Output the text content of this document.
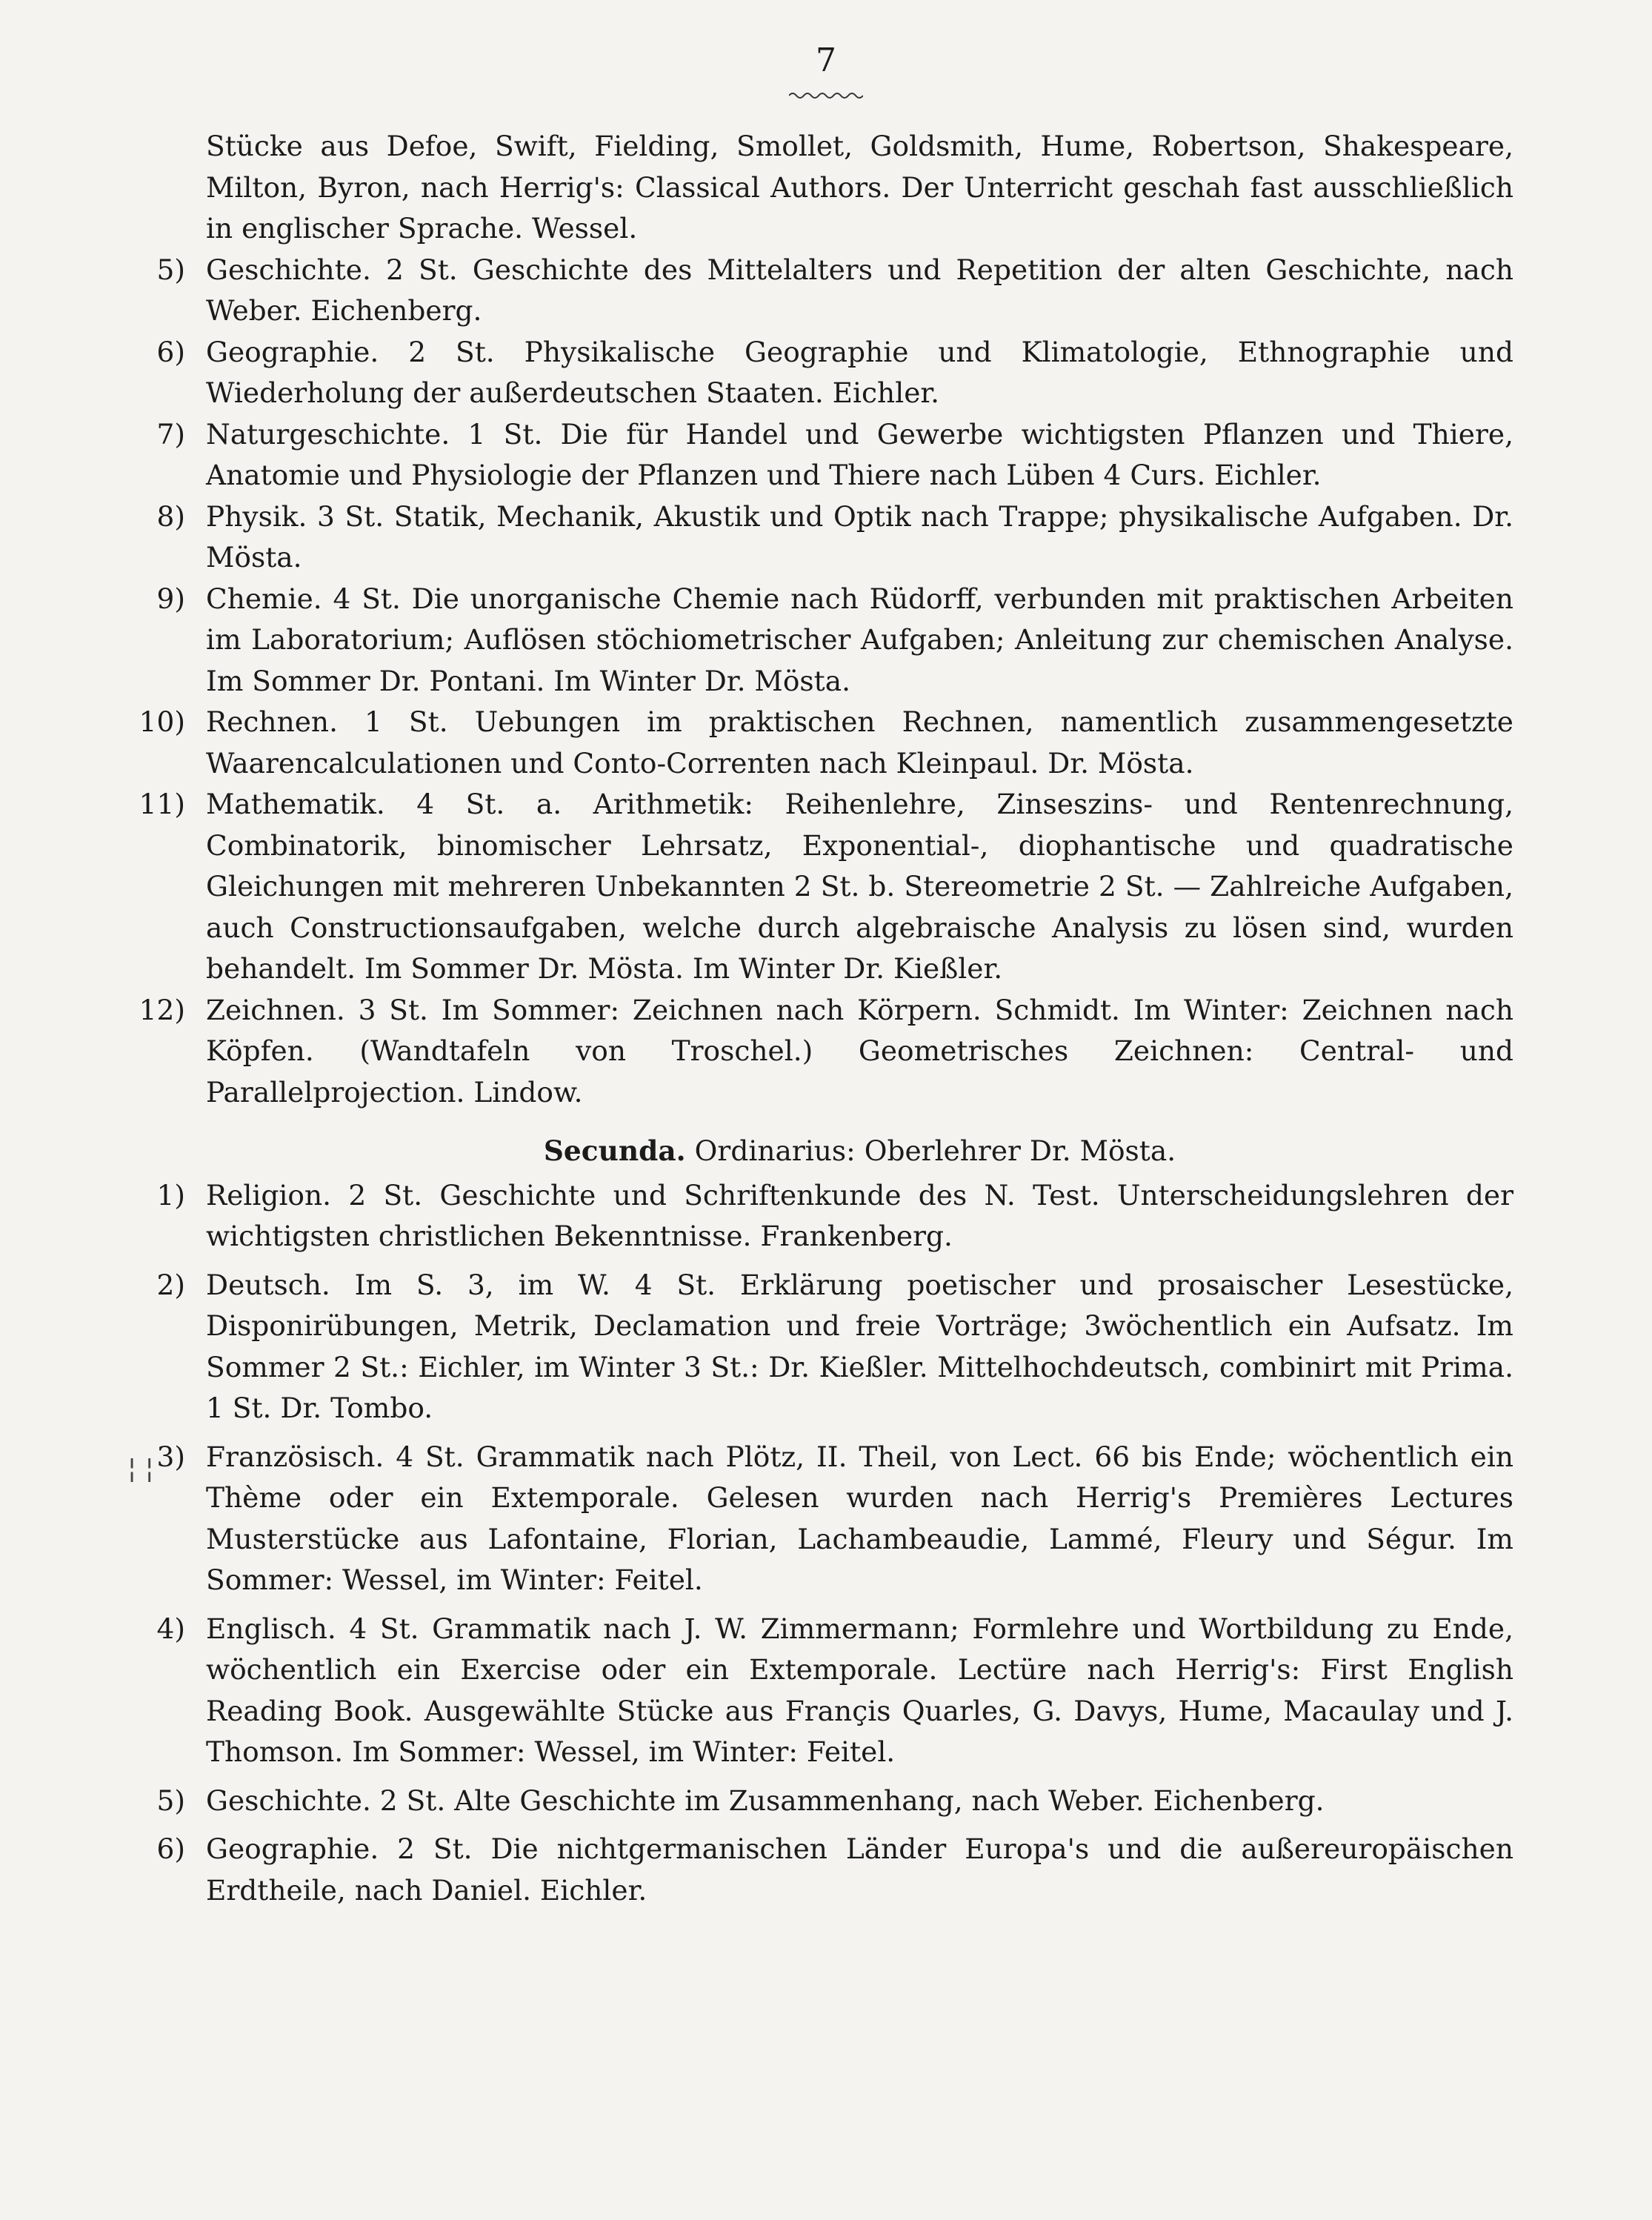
7
¦ ¦

Stücke aus Defoe, Swift, Fielding, Smollet, Goldsmith, Hume, Robertson, Shakespeare, Milton, Byron, nach Herrig's: Classical Authors. Der Unterricht geschah fast ausschließlich in englischer Sprache. Wessel.

5) Geschichte. 2 St. Geschichte des Mittelalters und Repetition der alten Geschichte, nach Weber. Eichenberg.

6) Geographie. 2 St. Physikalische Geographie und Klimatologie, Ethnographie und Wiederholung der außerdeutschen Staaten. Eichler.

7) Naturgeschichte. 1 St. Die für Handel und Gewerbe wichtigsten Pflanzen und Thiere, Anatomie und Physiologie der Pflanzen und Thiere nach Lüben 4 Curs. Eichler.

8) Physik. 3 St. Statik, Mechanik, Akustik und Optik nach Trappe; physikalische Aufgaben. Dr. Mösta.

9) Chemie. 4 St. Die unorganische Chemie nach Rüdorff, verbunden mit praktischen Arbeiten im Laboratorium; Auflösen stöchiometrischer Aufgaben; Anleitung zur chemischen Analyse. Im Sommer Dr. Pontani. Im Winter Dr. Mösta.

10) Rechnen. 1 St. Uebungen im praktischen Rechnen, namentlich zusammengesetzte Waarencalculationen und Conto-Correnten nach Kleinpaul. Dr. Mösta.

11) Mathematik. 4 St. a. Arithmetik: Reihenlehre, Zinseszins- und Rentenrechnung, Combinatorik, binomischer Lehrsatz, Exponential-, diophantische und quadratische Gleichungen mit mehreren Unbekannten 2 St. b. Stereometrie 2 St. — Zahlreiche Aufgaben, auch Constructionsaufgaben, welche durch algebraische Analysis zu lösen sind, wurden behandelt. Im Sommer Dr. Mösta. Im Winter Dr. Kießler.

12) Zeichnen. 3 St. Im Sommer: Zeichnen nach Körpern. Schmidt. Im Winter: Zeichnen nach Köpfen. (Wandtafeln von Troschel.) Geometrisches Zeichnen: Central- und Parallelprojection. Lindow.

Secunda. Ordinarius: Oberlehrer Dr. Mösta.

1) Religion. 2 St. Geschichte und Schriftenkunde des N. Test. Unterscheidungslehren der wichtigsten christlichen Bekenntnisse. Frankenberg.

2) Deutsch. Im S. 3, im W. 4 St. Erklärung poetischer und prosaischer Lesestücke, Disponirübungen, Metrik, Declamation und freie Vorträge; 3wöchentlich ein Aufsatz. Im Sommer 2 St.: Eichler, im Winter 3 St.: Dr. Kießler. Mittelhochdeutsch, combinirt mit Prima. 1 St. Dr. Tombo.

3) Französisch. 4 St. Grammatik nach Plötz, II. Theil, von Lect. 66 bis Ende; wöchentlich ein Thème oder ein Extemporale. Gelesen wurden nach Herrig's Premières Lectures Musterstücke aus Lafontaine, Florian, Lachambeaudie, Lammé, Fleury und Ségur. Im Sommer: Wessel, im Winter: Feitel.

4) Englisch. 4 St. Grammatik nach J. W. Zimmermann; Formlehre und Wortbildung zu Ende, wöchentlich ein Exercise oder ein Extemporale. Lectüre nach Herrig's: First English Reading Book. Ausgewählte Stücke aus Françis Quarles, G. Davys, Hume, Macaulay und J. Thomson. Im Sommer: Wessel, im Winter: Feitel.

5) Geschichte. 2 St. Alte Geschichte im Zusammenhang, nach Weber. Eichenberg.

6) Geographie. 2 St. Die nichtgermanischen Länder Europa's und die außereuropäischen Erdtheile, nach Daniel. Eichler.
